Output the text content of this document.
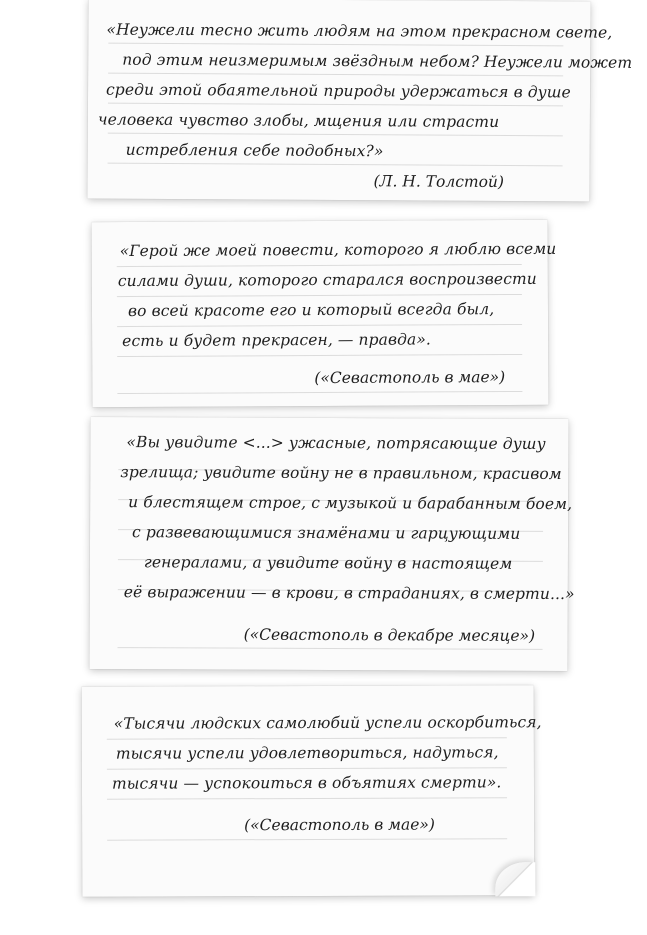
«Неужели тесно жить людям на этом прекрасном свете,
под этим неизмеримым звёздным небом? Неужели может
среди этой обаятельной природы удержаться в душе
человека чувство злобы, мщения или страсти
истребления себе подобных?»
(Л. Н. Толстой)
«Герой же моей повести, которого я люблю всеми
силами души, которого старался воспроизвести
во всей красоте его и который всегда был,
есть и будет прекрасен, — правда».
(«Севастополь в мае»)
«Вы увидите <...> ужасные, потрясающие душу
зрелища; увидите войну не в правильном, красивом
и блестящем строе, с музыкой и барабанным боем,
с развевающимися знамёнами и гарцующими
генералами, а увидите войну в настоящем
её выражении — в крови, в страданиях, в смерти...»
(«Севастополь в декабре месяце»)
«Тысячи людских самолюбий успели оскорбиться,
тысячи успели удовлетвориться, надуться,
тысячи — успокоиться в объятиях смерти».
(«Севастополь в мае»)
